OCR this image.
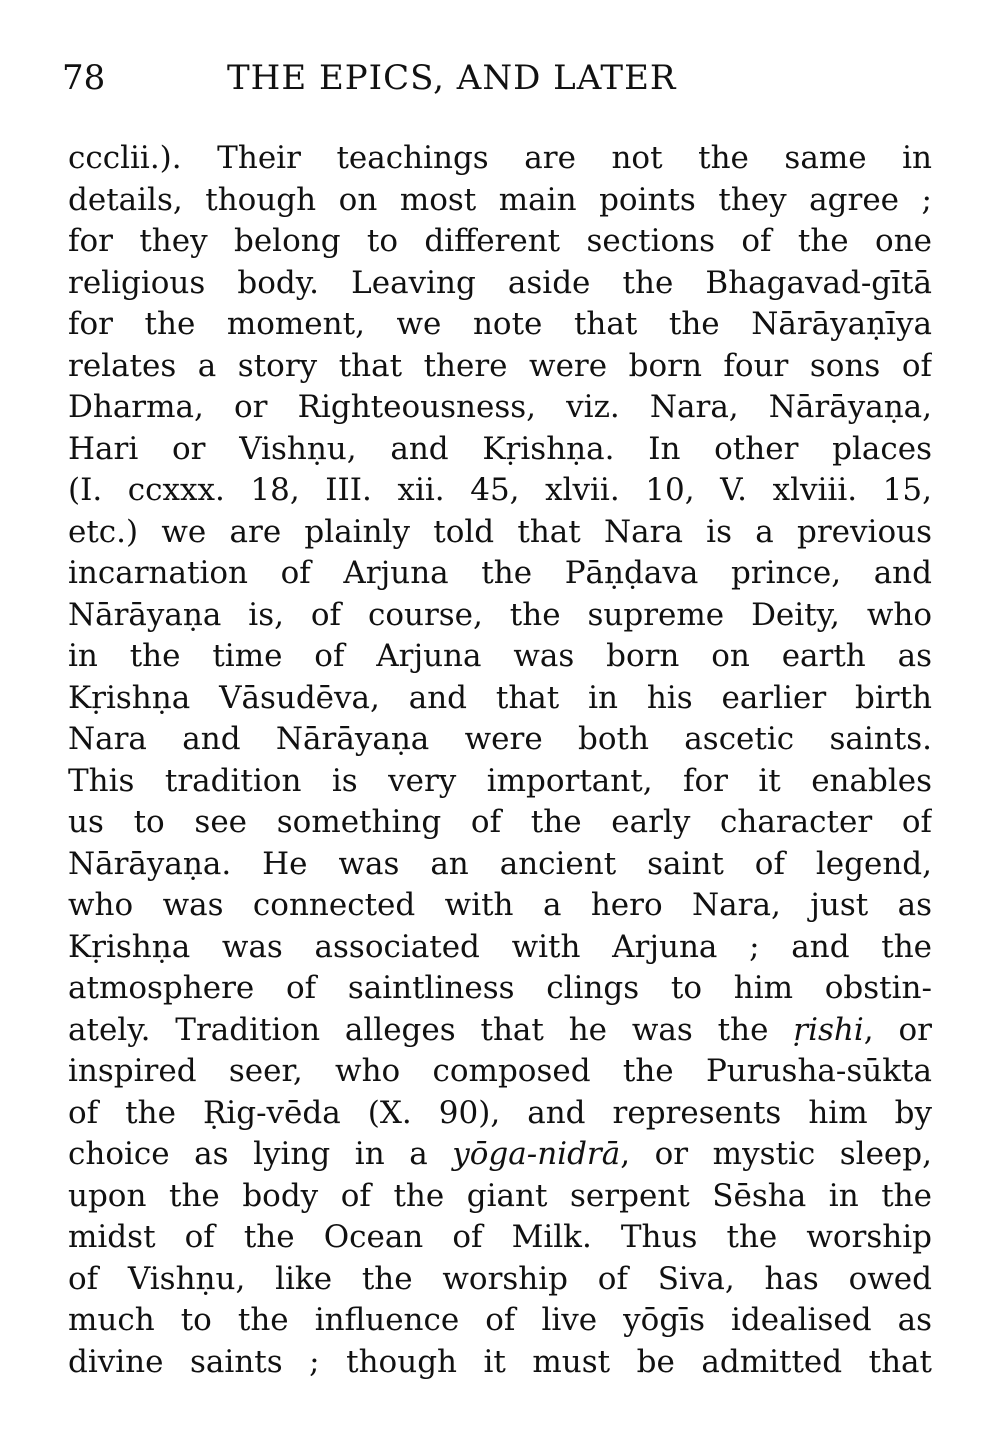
78	THE EPICS, AND LATER
ccclii.). Their teachings are not the same in
details, though on most main points they agree ;
for they belong to different sections of the one
religious body. Leaving aside the Bhagavad-gītā
for the moment, we note that the Nārāyaṇīya
relates a story that there were born four sons of
Dharma, or Righteousness, viz. Nara, Nārāyaṇa,
Hari or Vishṇu, and Kṛishṇa. In other places
(I. ccxxx. 18, III. xii. 45, xlvii. 10, V. xlviii. 15,
etc.) we are plainly told that Nara is a previous
incarnation of Arjuna the Pāṇḍava prince, and
Nārāyaṇa is, of course, the supreme Deity, who
in the time of Arjuna was born on earth as
Kṛishṇa Vāsudēva, and that in his earlier birth
Nara and Nārāyaṇa were both ascetic saints.
This tradition is very important, for it enables
us to see something of the early character of
Nārāyaṇa. He was an ancient saint of legend,
who was connected with a hero Nara, just as
Kṛishṇa was associated with Arjuna ; and the
atmosphere of saintliness clings to him obstin-
ately. Tradition alleges that he was the ṛishi, or
inspired seer, who composed the Purusha-sūkta
of the Ṛig-vēda (X. 90), and represents him by
choice as lying in a yōga-nidrā, or mystic sleep,
upon the body of the giant serpent Sēsha in the
midst of the Ocean of Milk. Thus the worship
of Vishṇu, like the worship of Siva, has owed
much to the influence of live yōgīs idealised as
divine saints ; though it must be admitted that
